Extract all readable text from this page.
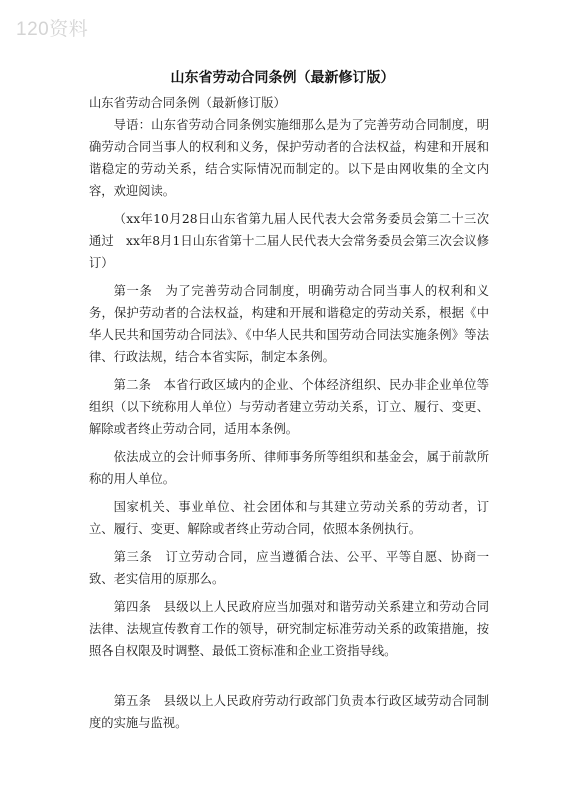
120资料
山东省劳动合同条例（最新修订版）

山东省劳动合同条例（最新修订版）

导语：山东省劳动合同条例实施细那么是为了完善劳动合同制度，明确劳动合同当事人的权利和义务，保护劳动者的合法权益，构建和开展和谐稳定的劳动关系，结合实际情况而制定的。以下是由网收集的全文内容，欢迎阅读。

（xx年10月28日山东省第九届人民代表大会常务委员会第二十三次通过　xx年8月1日山东省第十二届人民代表大会常务委员会第三次会议修订）

第一条　为了完善劳动合同制度，明确劳动合同当事人的权利和义务，保护劳动者的合法权益，构建和开展和谐稳定的劳动关系，根据《中华人民共和国劳动合同法》、《中华人民共和国劳动合同法实施条例》等法律、行政法规，结合本省实际，制定本条例。

第二条　本省行政区域内的企业、个体经济组织、民办非企业单位等组织（以下统称用人单位）与劳动者建立劳动关系，订立、履行、变更、解除或者终止劳动合同，适用本条例。

依法成立的会计师事务所、律师事务所等组织和基金会，属于前款所称的用人单位。

国家机关、事业单位、社会团体和与其建立劳动关系的劳动者，订立、履行、变更、解除或者终止劳动合同，依照本条例执行。

第三条　订立劳动合同，应当遵循合法、公平、平等自愿、协商一致、老实信用的原那么。

第四条　县级以上人民政府应当加强对和谐劳动关系建立和劳动合同法律、法规宣传教育工作的领导，研究制定标准劳动关系的政策措施，按照各自权限及时调整、最低工资标准和企业工资指导线。

第五条　县级以上人民政府劳动行政部门负责本行政区域劳动合同制度的实施与监视。
